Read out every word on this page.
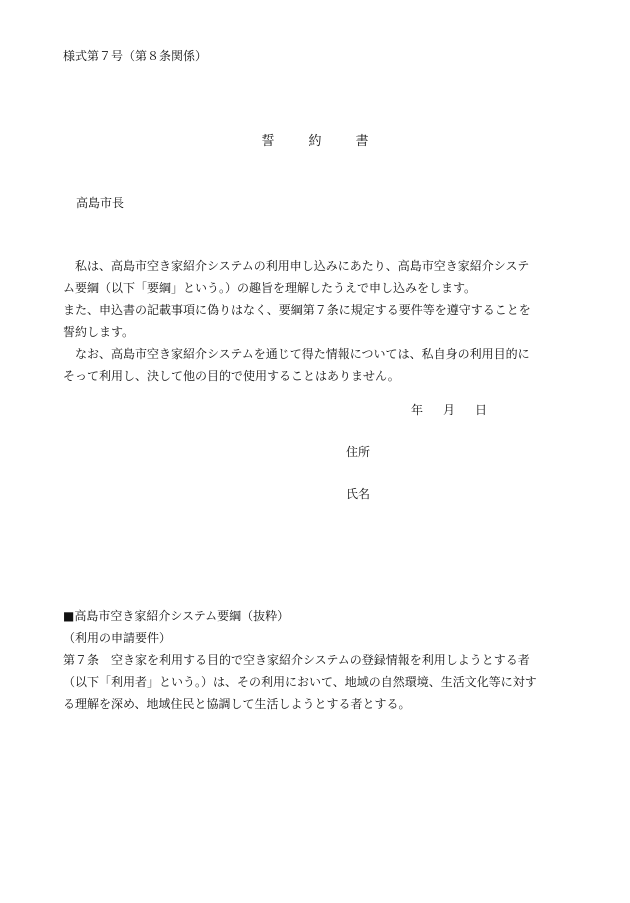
様式第７号（第８条関係）
誓	約	書
高島市長
　私は、高島市空き家紹介システムの利用申し込みにあたり、高島市空き家紹介システ
ム要綱（以下「要綱」という。）の趣旨を理解したうえで申し込みをします。
また、申込書の記載事項に偽りはなく、要綱第７条に規定する要件等を遵守することを
誓約します。
　なお、高島市空き家紹介システムを通じて得た情報については、私自身の利用目的に
そって利用し、決して他の目的で使用することはありません。
年 月 日
住所
氏名
■高島市空き家紹介システム要綱（抜粋）
（利用の申請要件）
第７条　空き家を利用する目的で空き家紹介システムの登録情報を利用しようとする者
（以下「利用者」という。）は、その利用において、地域の自然環境、生活文化等に対す
る理解を深め、地域住民と協調して生活しようとする者とする。
